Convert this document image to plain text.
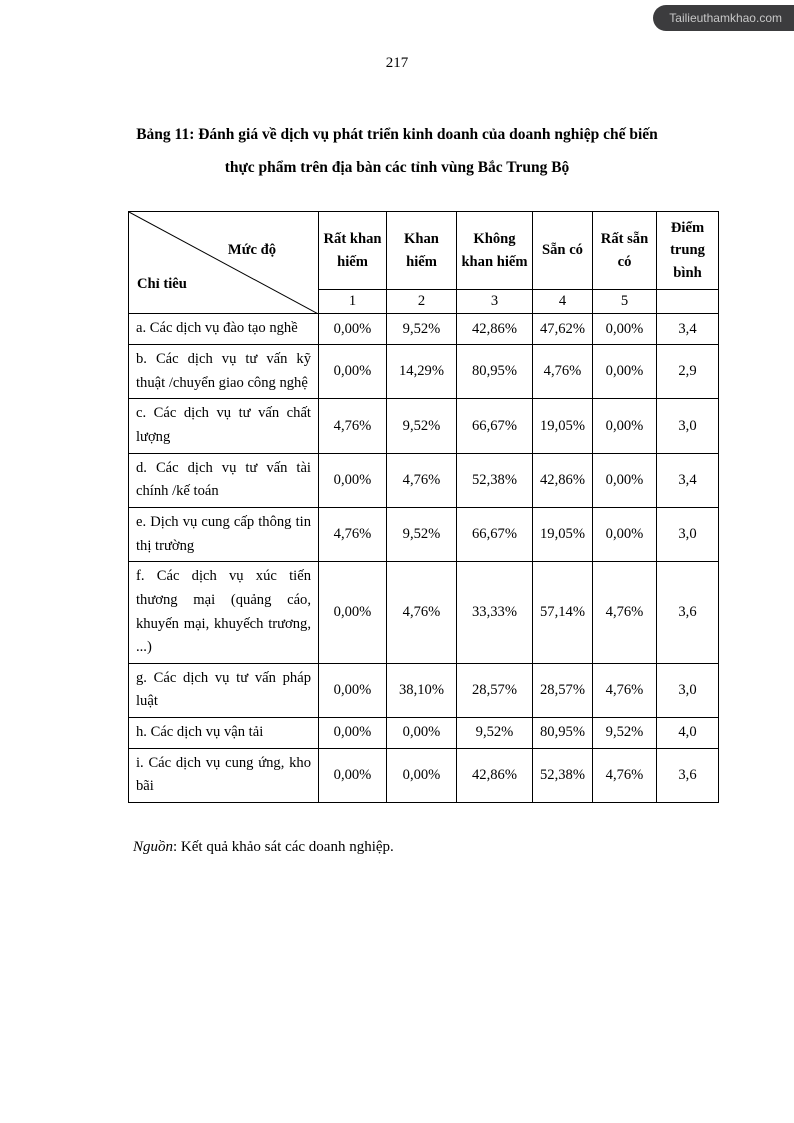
Tailieuthamkhao.com
217
Bảng 11: Đánh giá về dịch vụ phát triển kinh doanh của doanh nghiệp chế biến
thực phẩm trên địa bàn các tỉnh vùng Bắc Trung Bộ
Mức độ
Chỉ tiêu	Rất khan hiếm	Khan hiếm	Không khan hiếm	Sẵn có	Rất sẵn có	Điểm trung bình
	1	2	3	4	5	
a. Các dịch vụ đào tạo nghề	0,00%	9,52%	42,86%	47,62%	0,00%	3,4
b. Các dịch vụ tư vấn kỹ thuật /chuyển giao công nghệ	0,00%	14,29%	80,95%	4,76%	0,00%	2,9
c. Các dịch vụ tư vấn chất lượng	4,76%	9,52%	66,67%	19,05%	0,00%	3,0
d. Các dịch vụ tư vấn tài chính /kế toán	0,00%	4,76%	52,38%	42,86%	0,00%	3,4
e. Dịch vụ cung cấp thông tin thị trường	4,76%	9,52%	66,67%	19,05%	0,00%	3,0
f. Các dịch vụ xúc tiến thương mại (quảng cáo, khuyến mại, khuyếch trương, ...)	0,00%	4,76%	33,33%	57,14%	4,76%	3,6
g. Các dịch vụ tư vấn pháp luật	0,00%	38,10%	28,57%	28,57%	4,76%	3,0
h. Các dịch vụ vận tải	0,00%	0,00%	9,52%	80,95%	9,52%	4,0
i. Các dịch vụ cung ứng, kho bãi	0,00%	0,00%	42,86%	52,38%	4,76%	3,6
Nguồn: Kết quả khảo sát các doanh nghiệp.
